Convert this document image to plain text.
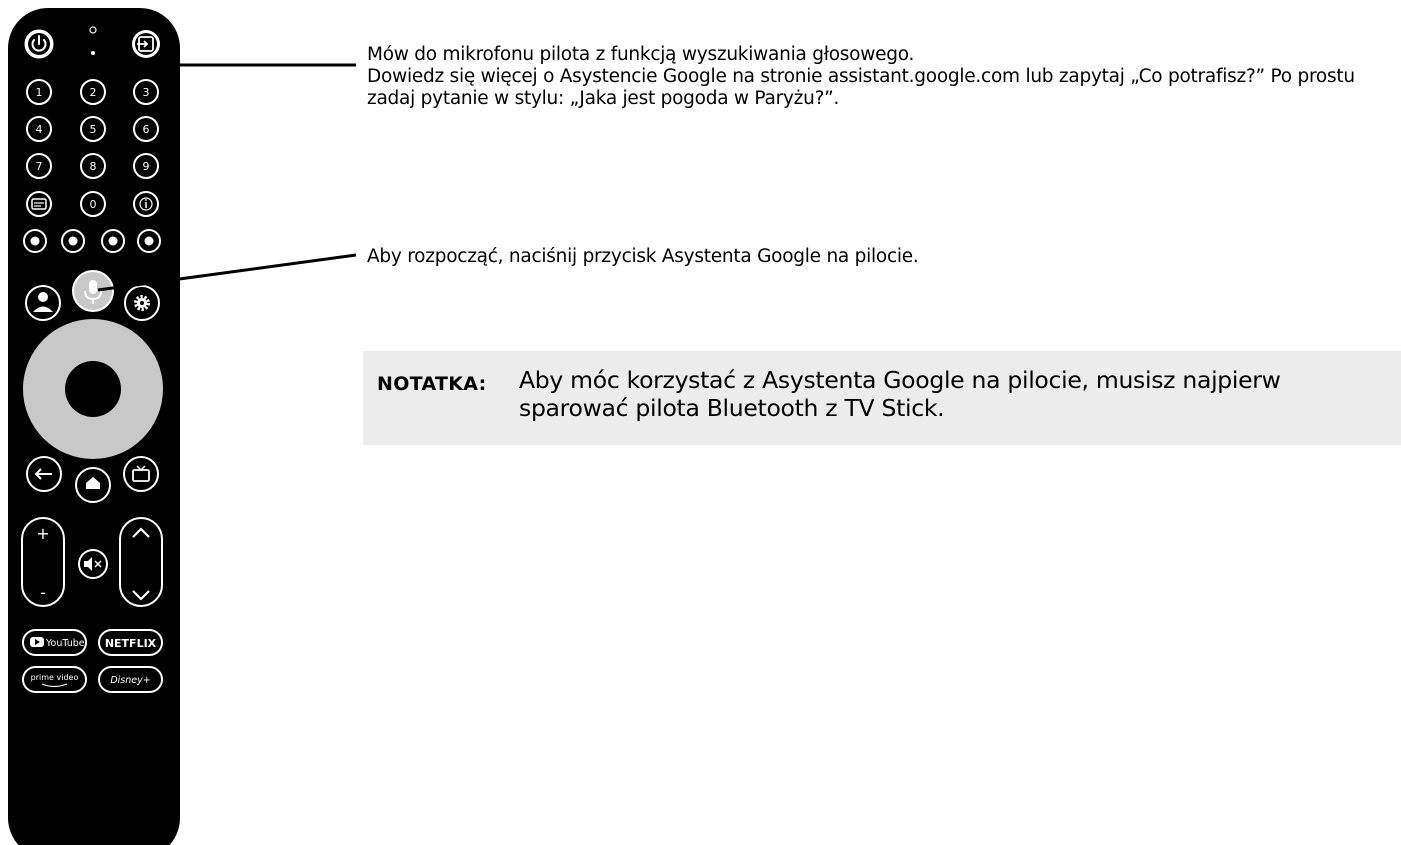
1	2	3
4	5	6
7	8	9
0
+
-
YouTube NETFLIX
prime video	Disney+

Mów do mikrofonu pilota z funkcją wyszukiwania głosowego.

Dowiedz się więcej o Asystencie Google na stronie assistant.google.com lub zapytaj „Co potrafisz?” Po prostu zadaj pytanie w stylu: „Jaka jest pogoda w Paryżu?”.

Aby rozpocząć, naciśnij przycisk Asystenta Google na pilocie.

NOTATKA:	Aby móc korzystać z Asystenta Google na pilocie, musisz najpierw
sparować pilota Bluetooth z TV Stick.
